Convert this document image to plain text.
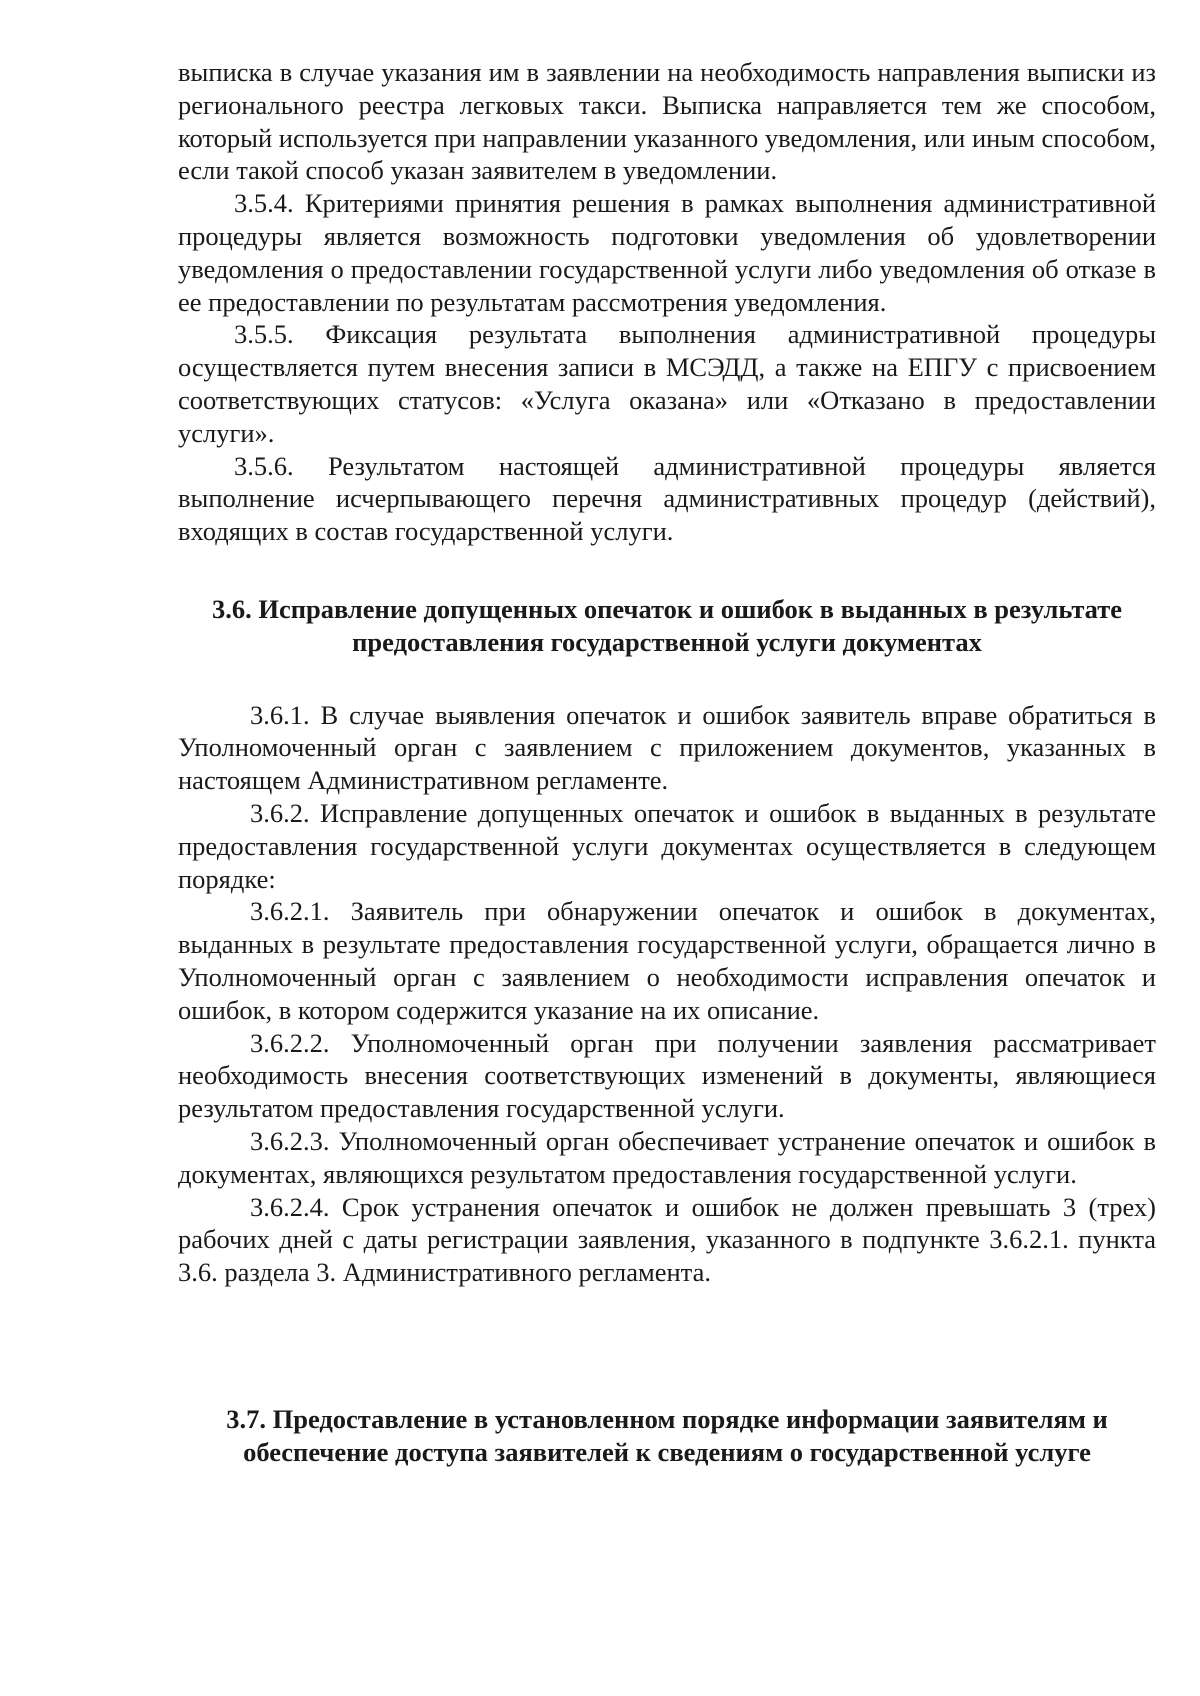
выписка в случае указания им в заявлении на необходимость направления выписки из регионального реестра легковых такси. Выписка направляется тем же способом, который используется при направлении указанного уведомления, или иным способом, если такой способ указан заявителем в уведомлении.

3.5.4. Критериями принятия решения в рамках выполнения административной процедуры является возможность подготовки уведомления об удовлетворении уведомления о предоставлении государственной услуги либо уведомления об отказе в ее предоставлении по результатам рассмотрения уведомления.

3.5.5. Фиксация результата выполнения административной процедуры осуществляется путем внесения записи в МСЭДД, а также на ЕПГУ с присвоением соответствующих статусов: «Услуга оказана» или «Отказано в предоставлении услуги».

3.5.6. Результатом настоящей административной процедуры является выполнение исчерпывающего перечня административных процедур (действий), входящих в состав государственной услуги.

3.6. Исправление допущенных опечаток и ошибок в выданных в результате предоставления государственной услуги документах

3.6.1. В случае выявления опечаток и ошибок заявитель вправе обратиться в Уполномоченный орган с заявлением с приложением документов, указанных в настоящем Административном регламенте.

3.6.2. Исправление допущенных опечаток и ошибок в выданных в результате предоставления государственной услуги документах осуществляется в следующем порядке:

3.6.2.1. Заявитель при обнаружении опечаток и ошибок в документах, выданных в результате предоставления государственной услуги, обращается лично в Уполномоченный орган с заявлением о необходимости исправления опечаток и ошибок, в котором содержится указание на их описание.

3.6.2.2. Уполномоченный орган при получении заявления рассматривает необходимость внесения соответствующих изменений в документы, являющиеся результатом предоставления государственной услуги.

3.6.2.3. Уполномоченный орган обеспечивает устранение опечаток и ошибок в документах, являющихся результатом предоставления государственной услуги.

3.6.2.4. Срок устранения опечаток и ошибок не должен превышать 3 (трех) рабочих дней с даты регистрации заявления, указанного в подпункте 3.6.2.1. пункта 3.6. раздела 3. Административного регламента.

3.7. Предоставление в установленном порядке информации заявителям и обеспечение доступа заявителей к сведениям о государственной услуге
